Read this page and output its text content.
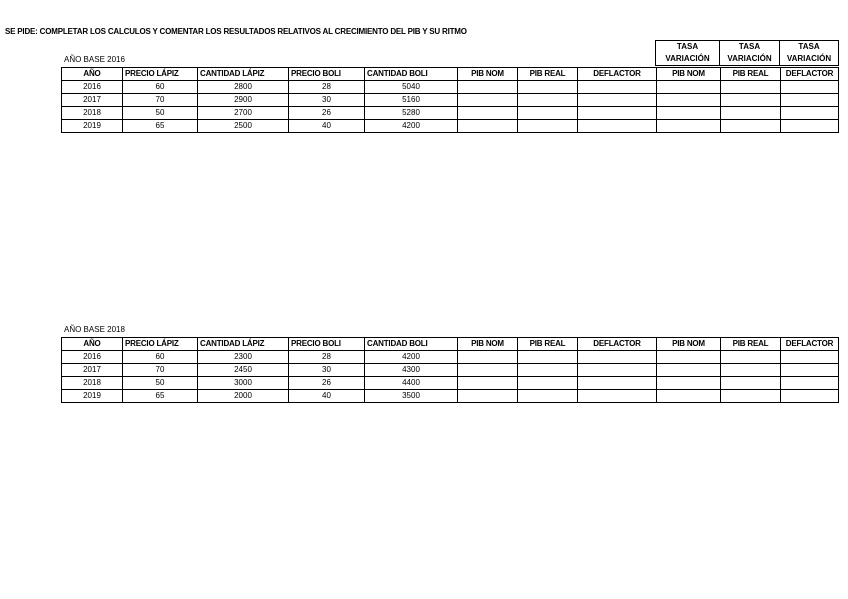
SE PIDE: COMPLETAR LOS CALCULOS Y COMENTAR LOS RESULTADOS RELATIVOS AL CRECIMIENTO DEL PIB Y SU RITMO
TASA	TASA	TASA
VARIACIÓN	VARIACIÓN	VARIACIÓN
AÑO BASE 2016
AÑO	PRECIO LÁPIZ	CANTIDAD LÁPIZ	PRECIO BOLI	CANTIDAD BOLI	PIB NOM	PIB REAL	DEFLACTOR	PIB NOM	PIB REAL	DEFLACTOR
2016	60	2800	28	5040						
2017	70	2900	30	5160						
2018	50	2700	26	5280						
2019	65	2500	40	4200						
AÑO BASE 2018
AÑO	PRECIO LÁPIZ	CANTIDAD LÁPIZ	PRECIO BOLI	CANTIDAD BOLI	PIB NOM	PIB REAL	DEFLACTOR	PIB NOM	PIB REAL	DEFLACTOR
2016	60	2300	28	4200						
2017	70	2450	30	4300						
2018	50	3000	26	4400						
2019	65	2000	40	3500						
